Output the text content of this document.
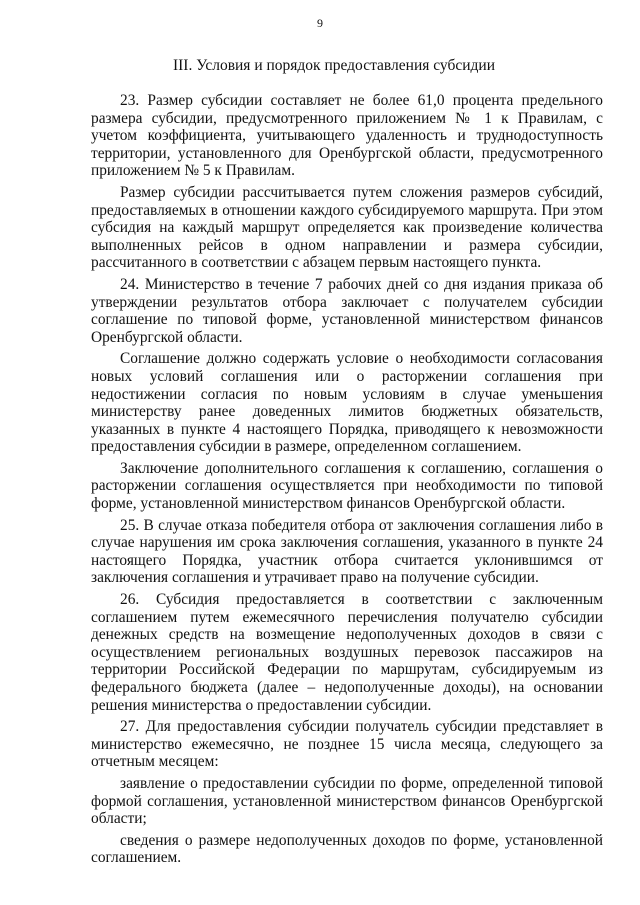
9
III. Условия и порядок предоставления субсидии

23. Размер субсидии составляет не более 61,0 процента предельного размера субсидии, предусмотренного приложением № 1 к Правилам, с учетом коэффициента, учитывающего удаленность и труднодоступность территории, установленного для Оренбургской области, предусмотренного приложением № 5 к Правилам.

Размер субсидии рассчитывается путем сложения размеров субсидий, предоставляемых в отношении каждого субсидируемого маршрута. При этом субсидия на каждый маршрут определяется как произведение количества выполненных рейсов в одном направлении и размера субсидии, рассчитанного в соответствии с абзацем первым настоящего пункта.

24. Министерство в течение 7 рабочих дней со дня издания приказа об утверждении результатов отбора заключает с получателем субсидии соглашение по типовой форме, установленной министерством финансов Оренбургской области.

Соглашение должно содержать условие о необходимости согласования новых условий соглашения или о расторжении соглашения при недостижении согласия по новым условиям в случае уменьшения министерству ранее доведенных лимитов бюджетных обязательств, указанных в пункте 4 настоящего Порядка, приводящего к невозможности предоставления субсидии в размере, определенном соглашением.

Заключение дополнительного соглашения к соглашению, соглашения о расторжении соглашения осуществляется при необходимости по типовой форме, установленной министерством финансов Оренбургской области.

25. В случае отказа победителя отбора от заключения соглашения либо в случае нарушения им срока заключения соглашения, указанного в пункте 24 настоящего Порядка, участник отбора считается уклонившимся от заключения соглашения и утрачивает право на получение субсидии.

26. Субсидия предоставляется в соответствии с заключенным соглашением путем ежемесячного перечисления получателю субсидии денежных средств на возмещение недополученных доходов в связи с осуществлением региональных воздушных перевозок пассажиров на территории Российской Федерации по маршрутам, субсидируемым из федерального бюджета (далее – недополученные доходы), на основании решения министерства о предоставлении субсидии.

27. Для предоставления субсидии получатель субсидии представляет в министерство ежемесячно, не позднее 15 числа месяца, следующего за отчетным месяцем:

заявление о предоставлении субсидии по форме, определенной типовой формой соглашения, установленной министерством финансов Оренбургской области;

сведения о размере недополученных доходов по форме, установленной соглашением.
